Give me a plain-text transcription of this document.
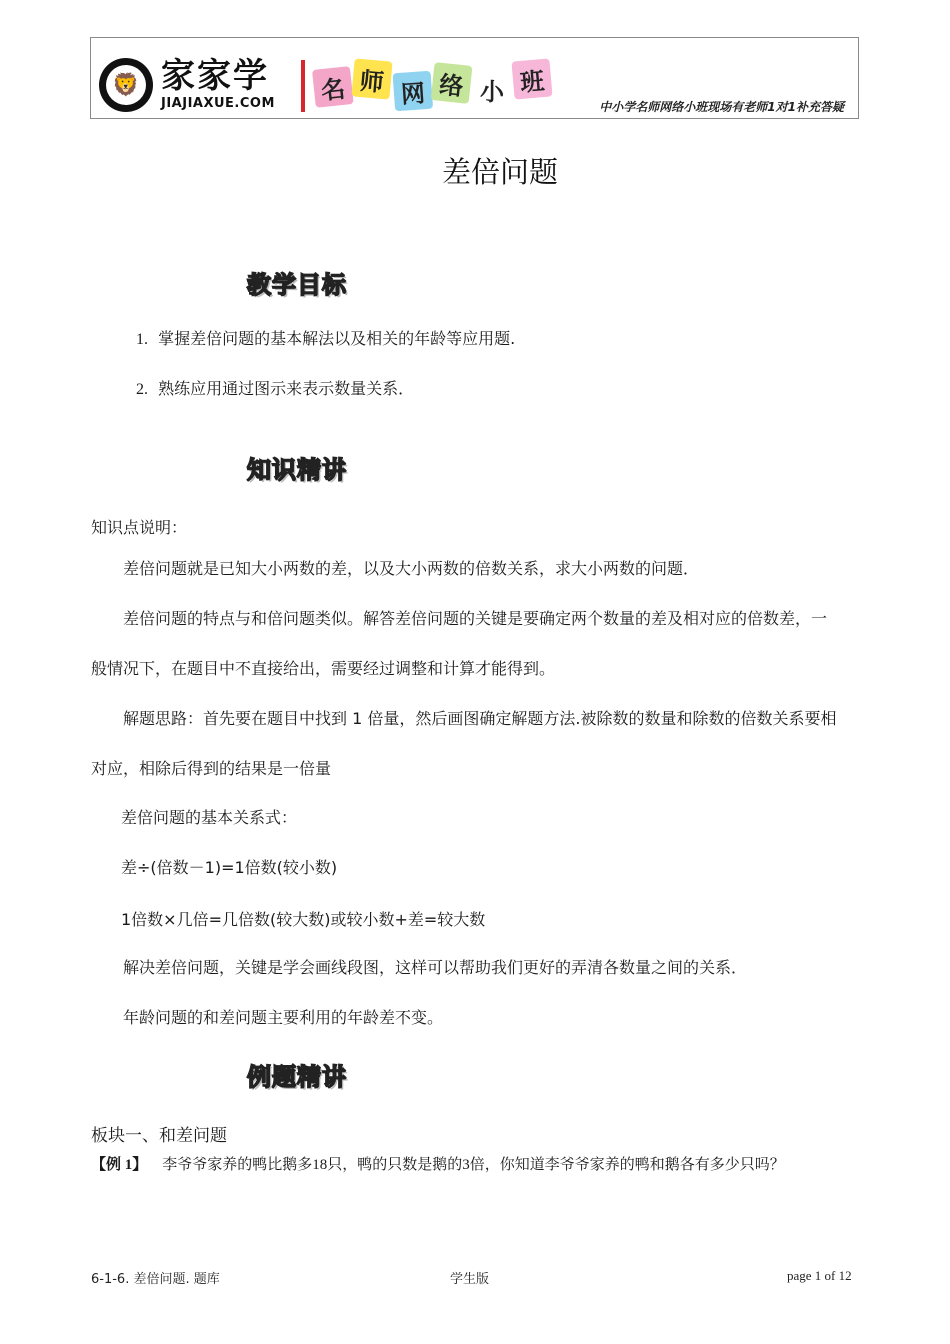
🦁 家家学
JIAJIAXUE.COM	名 师 网 络 小 班
中小学名师网络小班现场有老师1对1补充答疑
差倍问题
教学目标
1. 掌握差倍问题的基本解法以及相关的年龄等应用题.
2. 熟练应用通过图示来表示数量关系．
知识精讲
知识点说明：
差倍问题就是已知大小两数的差，以及大小两数的倍数关系，求大小两数的问题．
差倍问题的特点与和倍问题类似。解答差倍问题的关键是要确定两个数量的差及相对应的倍数差，一
般情况下，在题目中不直接给出，需要经过调整和计算才能得到。
解题思路：首先要在题目中找到 1 倍量，然后画图确定解题方法.被除数的数量和除数的倍数关系要相
对应，相除后得到的结果是一倍量
差倍问题的基本关系式：
差÷(倍数－1)=1倍数(较小数)
1倍数×几倍=几倍数(较大数)或较小数+差=较大数
解决差倍问题，关键是学会画线段图，这样可以帮助我们更好的弄清各数量之间的关系．
年龄问题的和差问题主要利用的年龄差不变。
例题精讲
板块一、和差问题
【例 1】 李爷爷家养的鸭比鹅多18只，鸭的只数是鹅的3倍，你知道李爷爷家养的鸭和鹅各有多少只吗？
6-1-6. 差倍问题. 题库	学生版	page 1 of 12
